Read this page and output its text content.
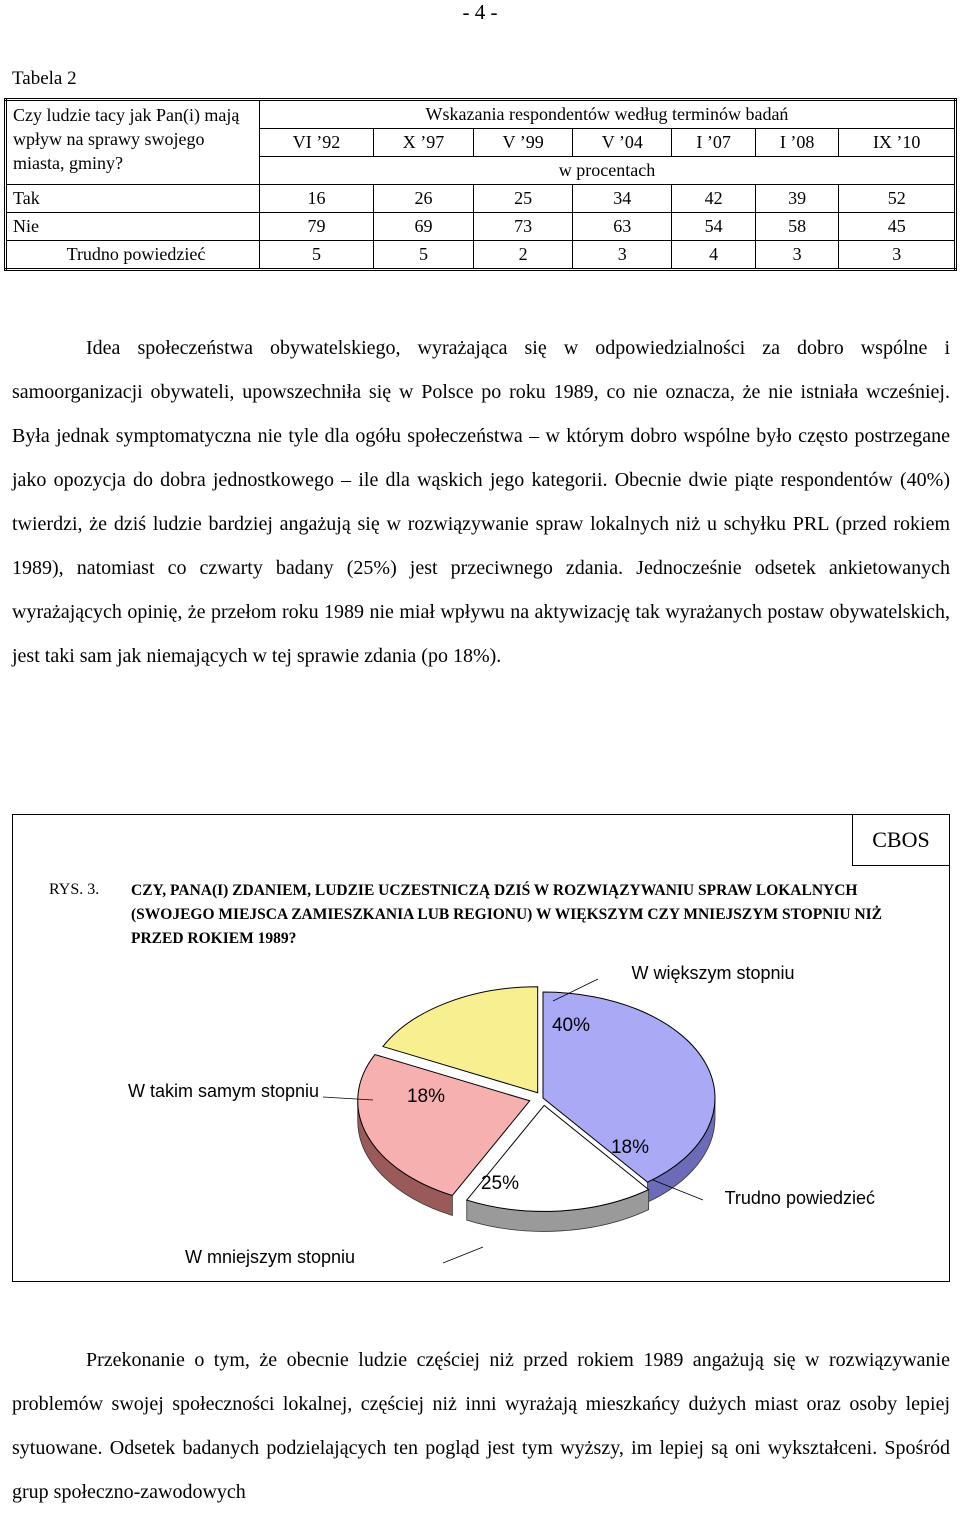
- 4 -
Tabela 2
Czy ludzie tacy jak Pan(i) mają wpływ na sprawy swojego miasta, gminy?	Wskazania respondentów według terminów badań						
	VI ’92	X ’97	V ’99	V ’04	I ’07	I ’08	IX ’10
	w procentach						
Tak	16	26	25	34	42	39	52
Nie	79	69	73	63	54	58	45
Trudno powiedzieć	5	5	2	3	4	3	3

Idea społeczeństwa obywatelskiego, wyrażająca się w odpowiedzialności za dobro wspólne i samoorganizacji obywateli, upowszechniła się w Polsce po roku 1989, co nie oznacza, że nie istniała wcześniej. Była jednak symptomatyczna nie tyle dla ogółu społeczeństwa – w którym dobro wspólne było często postrzegane jako opozycja do dobra jednostkowego – ile dla wąskich jego kategorii. Obecnie dwie piąte respondentów (40%) twierdzi, że dziś ludzie bardziej angażują się w rozwiązywanie spraw lokalnych niż u schyłku PRL (przed rokiem 1989), natomiast co czwarty badany (25%) jest przeciwnego zdania. Jednocześnie odsetek ankietowanych wyrażających opinię, że przełom roku 1989 nie miał wpływu na aktywizację tak wyrażanych postaw obywatelskich, jest taki sam jak niemających w tej sprawie zdania (po 18%).

CBOS
RYS. 3. CZY, PANA(I) ZDANIEM, LUDZIE UCZESTNICZĄ DZIŚ W ROZWIĄZYWANIU SPRAW LOKALNYCH (SWOJEGO MIEJSCA ZAMIESZKANIA LUB REGIONU) W WIĘKSZYM CZY MNIEJSZYM STOPNIU NIŻ PRZED ROKIEM 1989?
40%
W większym stopniu
18%
Trudno powiedzieć
25%
W mniejszym stopniu
18%
W takim samym stopniu

Przekonanie o tym, że obecnie ludzie częściej niż przed rokiem 1989 angażują się w rozwiązywanie problemów swojej społeczności lokalnej, częściej niż inni wyrażają mieszkańcy dużych miast oraz osoby lepiej sytuowane. Odsetek badanych podzielających ten pogląd jest tym wyższy, im lepiej są oni wykształceni. Spośród grup społeczno-zawodowych
